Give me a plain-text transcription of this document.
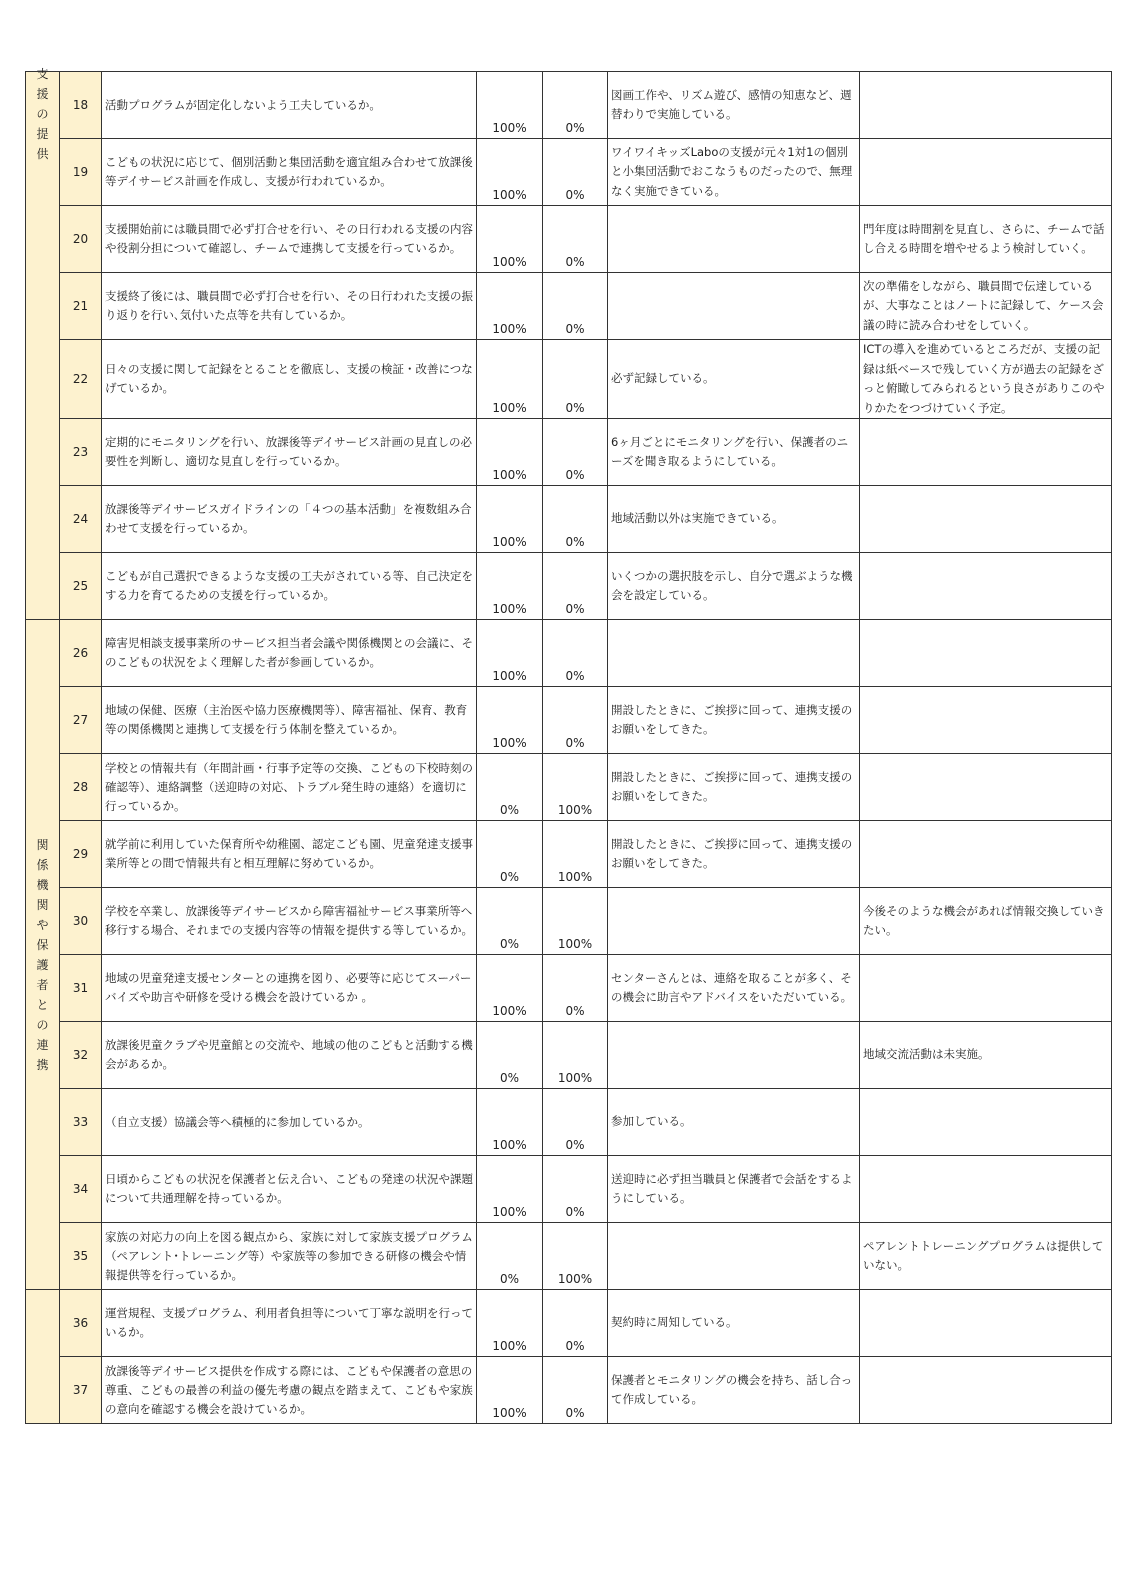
支援の提供	18	活動プログラムが固定化しないよう工夫しているか。	100%	0%	図画工作や、リズム遊び、感情の知恵など、週替わりで実施している。	
	19	こどもの状況に応じて、個別活動と集団活動を適宜組み合わせて放課後等デイサービス計画を作成し、支援が行われているか。	100%	0%	ワイワイキッズLaboの支援が元々1対1の個別と小集団活動でおこなうものだったので、無理なく実施できている。	
	20	支援開始前には職員間で必ず打合せを行い、その日行われる支援の内容や役割分担について確認し、チームで連携して支援を行っているか。	100%	0%		門年度は時間割を見直し、さらに、チームで話し合える時間を増やせるよう検討していく。
	21	支援終了後には、職員間で必ず打合せを行い、その日行われた支援の振り返りを行い､気付いた点等を共有しているか。	100%	0%		次の準備をしながら、職員間で伝達しているが、大事なことはノートに記録して、ケース会議の時に読み合わせをしていく。
	22	日々の支援に関して記録をとることを徹底し、支援の検証・改善につなげているか。	100%	0%	必ず記録している。	ICTの導入を進めているところだが、支援の記録は紙ベースで残していく方が過去の記録をざっと俯瞰してみられるという良さがありこのやりかたをつづけていく予定。
	23	定期的にモニタリングを行い、放課後等デイサービス計画の見直しの必要性を判断し、適切な見直しを行っているか。	100%	0%	6ヶ月ごとにモニタリングを行い、保護者のニーズを聞き取るようにしている。	
	24	放課後等デイサービスガイドラインの「４つの基本活動」を複数組み合わせて支援を行っているか。	100%	0%	地域活動以外は実施できている。	
	25	こどもが自己選択できるような支援の工夫がされている等、自己決定をする力を育てるための支援を行っているか。	100%	0%	いくつかの選択肢を示し、自分で選ぶような機会を設定している。	

関係機関や保護者との連携	26	障害児相談支援事業所のサービス担当者会議や関係機関との会議に、そのこどもの状況をよく理解した者が参画しているか。	100%	0%		
	27	地域の保健、医療（主治医や協力医療機関等）、障害福祉、保育、教育等の関係機関と連携して支援を行う体制を整えているか。	100%	0%	開設したときに、ご挨拶に回って、連携支援のお願いをしてきた。	
	28	学校との情報共有（年間計画・行事予定等の交換、こどもの下校時刻の確認等）、連絡調整（送迎時の対応、トラブル発生時の連絡）を適切に行っているか。	0%	100%	開設したときに、ご挨拶に回って、連携支援のお願いをしてきた。	
	29	就学前に利用していた保育所や幼稚園、認定こども園、児童発達支援事業所等との間で情報共有と相互理解に努めているか。	0%	100%	開設したときに、ご挨拶に回って、連携支援のお願いをしてきた。	
	30	学校を卒業し、放課後等デイサービスから障害福祉サービス事業所等へ移行する場合、それまでの支援内容等の情報を提供する等しているか。	0%	100%		今後そのような機会があれば情報交換していきたい。
	31	地域の児童発達支援センターとの連携を図り、必要等に応じてスーパーバイズや助言や研修を受ける機会を設けているか 。	100%	0%	センターさんとは、連絡を取ることが多く、その機会に助言やアドバイスをいただいている。	
	32	放課後児童クラブや児童館との交流や、地域の他のこどもと活動する機会があるか。	0%	100%		地域交流活動は未実施。
	33	（自立支援）協議会等へ積極的に参加しているか。	100%	0%	参加している。	
	34	日頃からこどもの状況を保護者と伝え合い、こどもの発達の状況や課題について共通理解を持っているか。	100%	0%	送迎時に必ず担当職員と保護者で会話をするようにしている。	
	35	家族の対応力の向上を図る観点から、家族に対して家族支援プログラム（ペアレント･トレーニング等）や家族等の参加できる研修の機会や情報提供等を行っているか。	0%	100%		ペアレントトレーニングプログラムは提供していない。

	36	運営規程、支援プログラム、利用者負担等について丁寧な説明を行っているか。	100%	0%	契約時に周知している。	
	37	放課後等デイサービス提供を作成する際には、こどもや保護者の意思の尊重、こどもの最善の利益の優先考慮の観点を踏まえて、こどもや家族の意向を確認する機会を設けているか。	100%	0%	保護者とモニタリングの機会を持ち、話し合って作成している。	
